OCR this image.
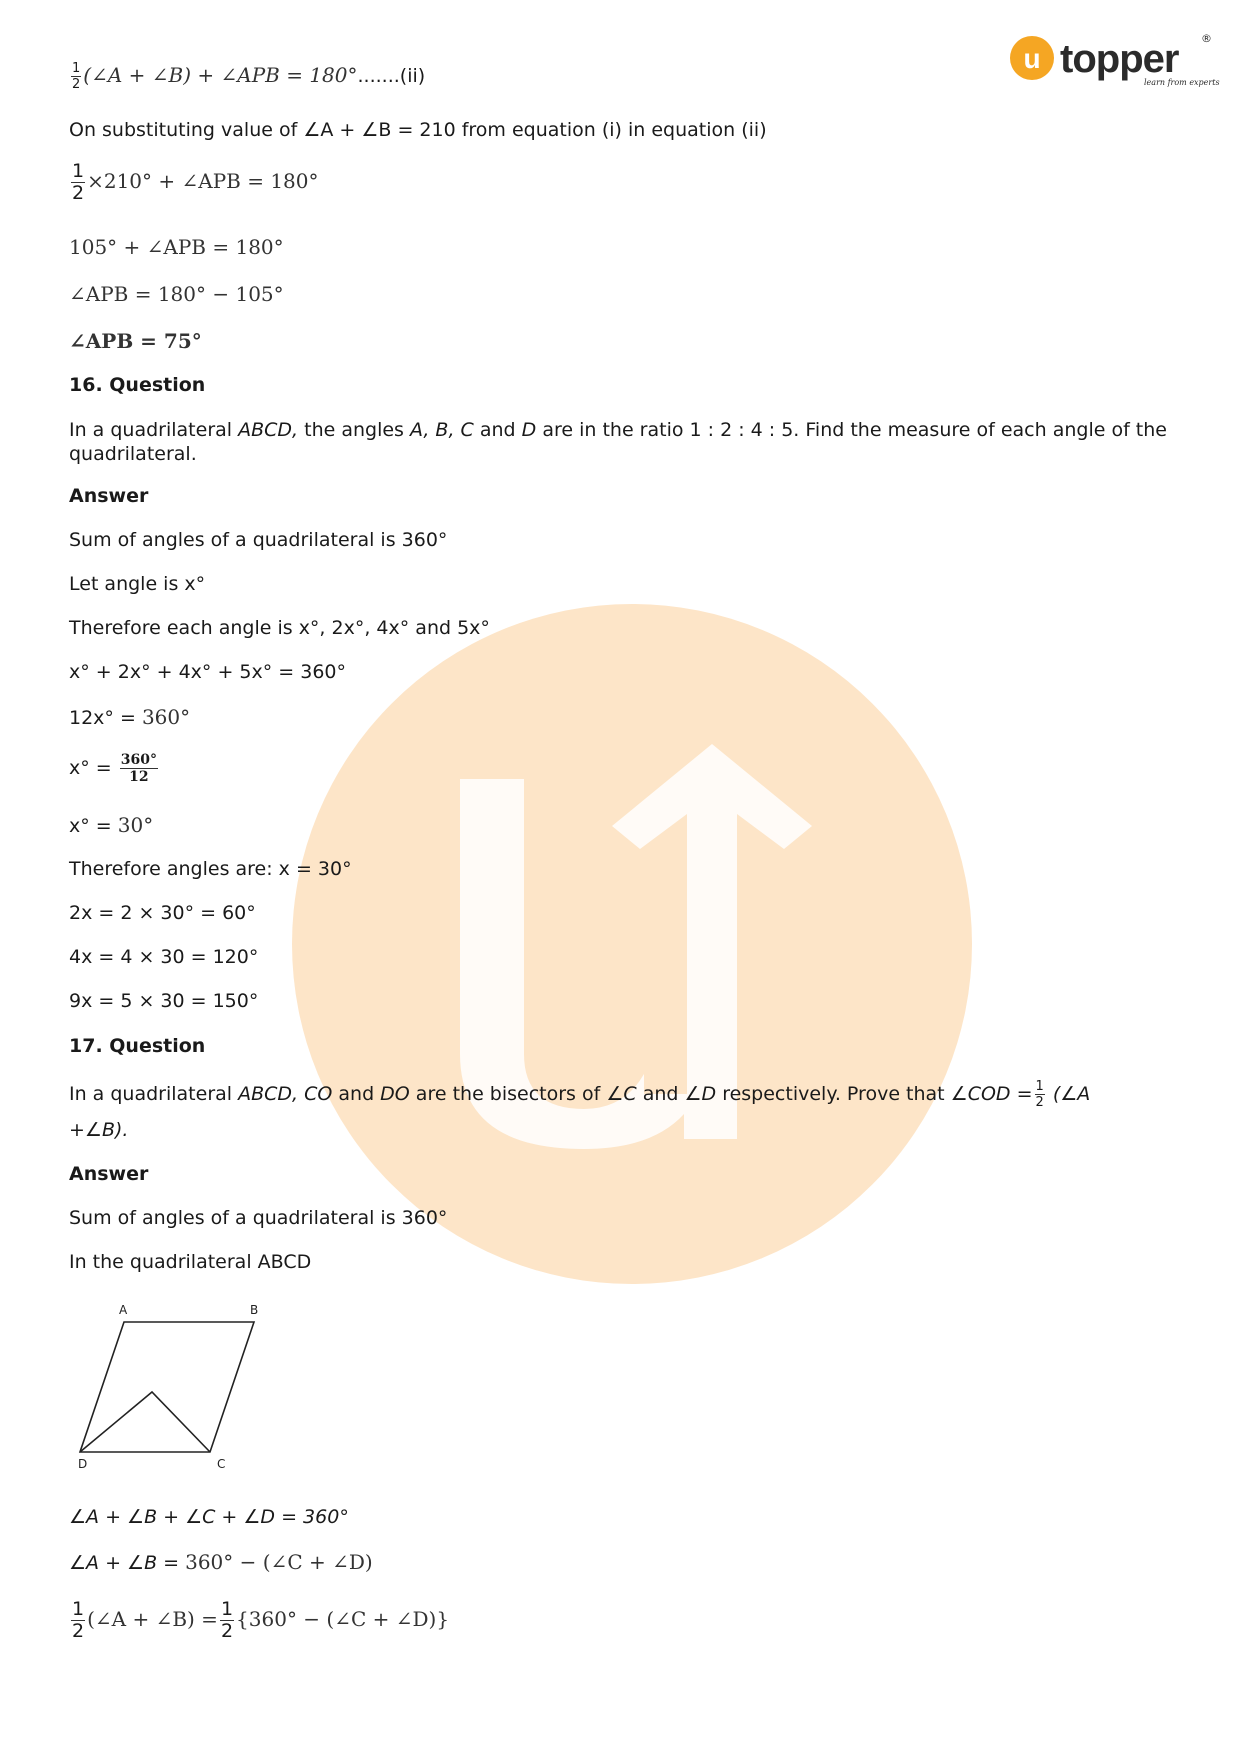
u topper ®
learn from experts
$\frac{1}{2}$ (∠A + ∠B) + ∠APB = 180°.......(ii)
On substituting value of ∠A + ∠B = 210 from equation (i) in equation (ii)
$\frac{1}{2} \times 210^\circ$ + ∠APB = 180°
105° + ∠APB = 180°
∠APB = 180° − 105°
∠APB = 75°
16. Question
In a quadrilateral ABCD, the angles A, B, C and D are in the ratio 1 : 2 : 4 : 5. Find the measure of each angle of the quadrilateral.
Answer
Sum of angles of a quadrilateral is 360°
Let angle is x°
Therefore each angle is x°, 2x°, 4x° and 5x°
x° + 2x° + 4x° + 5x° = 360°
12x° = 360°
$x^\circ = \frac{360^\circ}{12}$
x° = 30°
Therefore angles are: x = 30°
2x = 2 × 30° = 60°
4x = 4 × 30 = 120°
9x = 5 × 30 = 150°
17. Question
In a quadrilateral ABCD, CO and DO are the bisectors of ∠C and ∠D respectively. Prove that ∠COD = $\frac{1}{2}$ (∠A
+∠B).
Answer
Sum of angles of a quadrilateral is 360°
In the quadrilateral ABCD
A	B
C
D
∠A + ∠B + ∠C + ∠D = 360°
∠A + ∠B = 360° − (∠C + ∠D)
$\frac{1}{2}$ (∠A + ∠B) = $\frac{1}{2} \{360^\circ$ − (∠C + ∠D)}
